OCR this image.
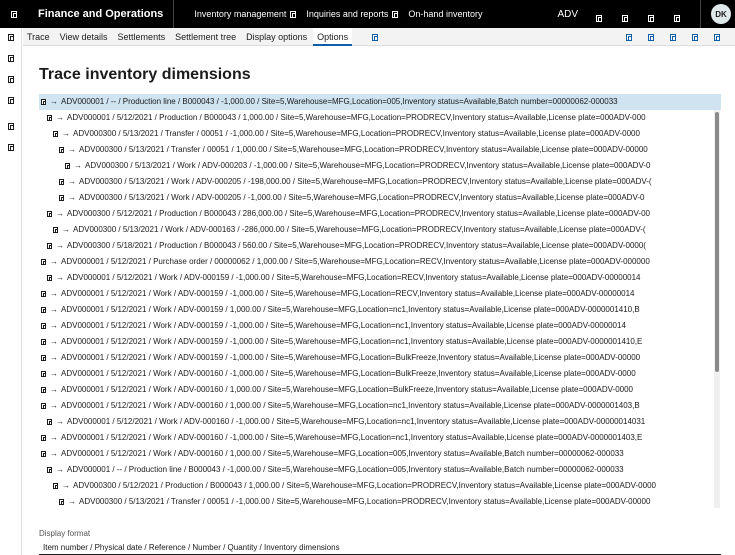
Finance and Operations	Inventory management Inquiries and reports On-hand inventory	ADV	DK
Trace	View details	Settlements	Settlement tree	Display options	Options
Trace inventory dimensions
→ ADV000001 / -- / Production line / B000043 / -1,000.00 / Site=5,Warehouse=MFG,Location=005,Inventory status=Available,Batch number=00000062-000033
→ ADV000001 / 5/12/2021 / Production / B000043 / 1,000.00 / Site=5,Warehouse=MFG,Location=PRODRECV,Inventory status=Available,License plate=000ADV-000
→ ADV000300 / 5/13/2021 / Transfer / 00051 / -1,000.00 / Site=5,Warehouse=MFG,Location=PRODRECV,Inventory status=Available,License plate=000ADV-0000
→ ADV000300 / 5/13/2021 / Transfer / 00051 / 1,000.00 / Site=5,Warehouse=MFG,Location=PRODRECV,Inventory status=Available,License plate=000ADV-00000
→ ADV000300 / 5/13/2021 / Work / ADV-000203 / -1,000.00 / Site=5,Warehouse=MFG,Location=PRODRECV,Inventory status=Available,License plate=000ADV-0
→ ADV000300 / 5/13/2021 / Work / ADV-000205 / -198,000.00 / Site=5,Warehouse=MFG,Location=PRODRECV,Inventory status=Available,License plate=000ADV-(
→ ADV000300 / 5/13/2021 / Work / ADV-000205 / -1,000.00 / Site=5,Warehouse=MFG,Location=PRODRECV,Inventory status=Available,License plate=000ADV-0
→ ADV000300 / 5/12/2021 / Production / B000043 / 286,000.00 / Site=5,Warehouse=MFG,Location=PRODRECV,Inventory status=Available,License plate=000ADV-00
→ ADV000300 / 5/13/2021 / Work / ADV-000163 / -286,000.00 / Site=5,Warehouse=MFG,Location=PRODRECV,Inventory status=Available,License plate=000ADV-(
→ ADV000300 / 5/18/2021 / Production / B000043 / 560.00 / Site=5,Warehouse=MFG,Location=PRODRECV,Inventory status=Available,License plate=000ADV-0000(
→ ADV000001 / 5/12/2021 / Purchase order / 00000062 / 1,000.00 / Site=5,Warehouse=MFG,Location=RECV,Inventory status=Available,License plate=000ADV-000000
→ ADV000001 / 5/12/2021 / Work / ADV-000159 / -1,000.00 / Site=5,Warehouse=MFG,Location=RECV,Inventory status=Available,License plate=000ADV-00000014
→ ADV000001 / 5/12/2021 / Work / ADV-000159 / -1,000.00 / Site=5,Warehouse=MFG,Location=RECV,Inventory status=Available,License plate=000ADV-00000014
→ ADV000001 / 5/12/2021 / Work / ADV-000159 / 1,000.00 / Site=5,Warehouse=MFG,Location=nc1,Inventory status=Available,License plate=000ADV-0000001410,B
→ ADV000001 / 5/12/2021 / Work / ADV-000159 / -1,000.00 / Site=5,Warehouse=MFG,Location=nc1,Inventory status=Available,License plate=000ADV-00000014
→ ADV000001 / 5/12/2021 / Work / ADV-000159 / -1,000.00 / Site=5,Warehouse=MFG,Location=nc1,Inventory status=Available,License plate=000ADV-0000001410,E
→ ADV000001 / 5/12/2021 / Work / ADV-000159 / -1,000.00 / Site=5,Warehouse=MFG,Location=BulkFreeze,Inventory status=Available,License plate=000ADV-00000
→ ADV000001 / 5/12/2021 / Work / ADV-000160 / -1,000.00 / Site=5,Warehouse=MFG,Location=BulkFreeze,Inventory status=Available,License plate=000ADV-0000
→ ADV000001 / 5/12/2021 / Work / ADV-000160 / 1,000.00 / Site=5,Warehouse=MFG,Location=BulkFreeze,Inventory status=Available,License plate=000ADV-0000
→ ADV000001 / 5/12/2021 / Work / ADV-000160 / 1,000.00 / Site=5,Warehouse=MFG,Location=nc1,Inventory status=Available,License plate=000ADV-0000001403,B
→ ADV000001 / 5/12/2021 / Work / ADV-000160 / -1,000.00 / Site=5,Warehouse=MFG,Location=nc1,Inventory status=Available,License plate=000ADV-00000014031
→ ADV000001 / 5/12/2021 / Work / ADV-000160 / -1,000.00 / Site=5,Warehouse=MFG,Location=nc1,Inventory status=Available,License plate=000ADV-0000001403,E
→ ADV000001 / 5/12/2021 / Work / ADV-000160 / 1,000.00 / Site=5,Warehouse=MFG,Location=005,Inventory status=Available,Batch number=00000062-000033
→ ADV000001 / -- / Production line / B000043 / -1,000.00 / Site=5,Warehouse=MFG,Location=005,Inventory status=Available,Batch number=00000062-000033
→ ADV000300 / 5/12/2021 / Production / B000043 / 1,000.00 / Site=5,Warehouse=MFG,Location=PRODRECV,Inventory status=Available,License plate=000ADV-0000
→ ADV000300 / 5/13/2021 / Transfer / 00051 / -1,000.00 / Site=5,Warehouse=MFG,Location=PRODRECV,Inventory status=Available,License plate=000ADV-00000
Display format
Item number / Physical date / Reference / Number / Quantity / Inventory dimensions
